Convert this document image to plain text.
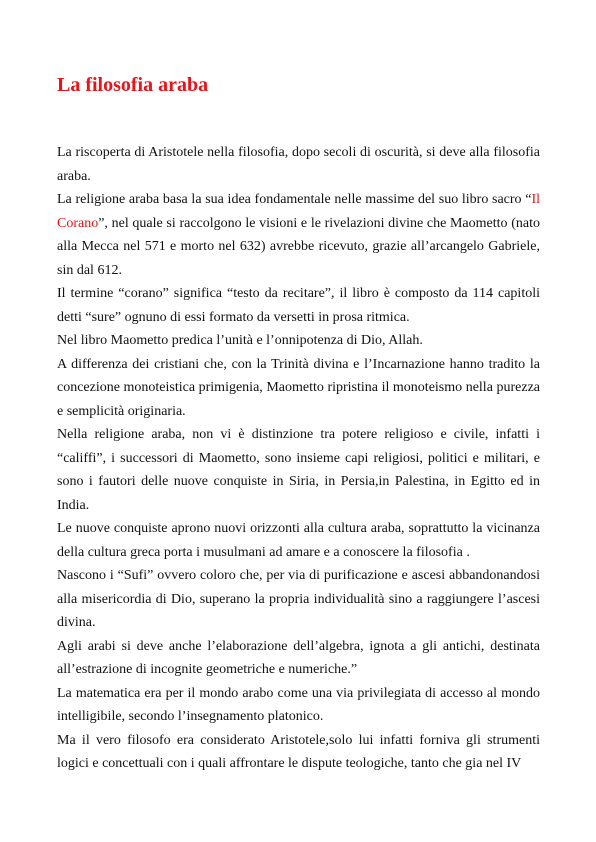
La filosofia araba

La riscoperta di Aristotele nella filosofia, dopo secoli di oscurità, si deve alla filosofia araba.

La religione araba basa la sua idea fondamentale nelle massime del suo libro sacro “Il Corano”, nel quale si raccolgono le visioni e le rivelazioni divine che Maometto (nato alla Mecca nel 571 e morto nel 632) avrebbe ricevuto, grazie all’arcangelo Gabriele, sin dal 612.

Il termine “corano” significa “testo da recitare”, il libro è composto da 114 capitoli detti “sure” ognuno di essi formato da versetti in prosa ritmica.

Nel libro Maometto predica l’unità e l’onnipotenza di Dio, Allah.

A differenza dei cristiani che, con la Trinità divina e l’Incarnazione hanno tradito la concezione monoteistica primigenia, Maometto ripristina il monoteismo nella purezza e semplicità originaria.

Nella religione araba, non vi è distinzione tra potere religioso e civile, infatti i “califfi”, i successori di Maometto, sono insieme capi religiosi, politici e militari, e sono i fautori delle nuove conquiste in Siria, in Persia,in Palestina, in Egitto ed in India.

Le nuove conquiste aprono nuovi orizzonti alla cultura araba, soprattutto la vicinanza della cultura greca porta i musulmani ad amare e a conoscere la filosofia .

Nascono i “Sufi” ovvero coloro che, per via di purificazione e ascesi abbandonandosi alla misericordia di Dio, superano la propria individualità sino a raggiungere l’ascesi divina.

Agli arabi si deve anche l’elaborazione dell’algebra, ignota a gli antichi, destinata all’estrazione di incognite geometriche e numeriche.”

La matematica era per il mondo arabo come una via privilegiata di accesso al mondo intelligibile, secondo l’insegnamento platonico.

Ma il vero filosofo era considerato Aristotele,solo lui infatti forniva gli strumenti logici e concettuali con i quali affrontare le dispute teologiche, tanto che gia nel IV
